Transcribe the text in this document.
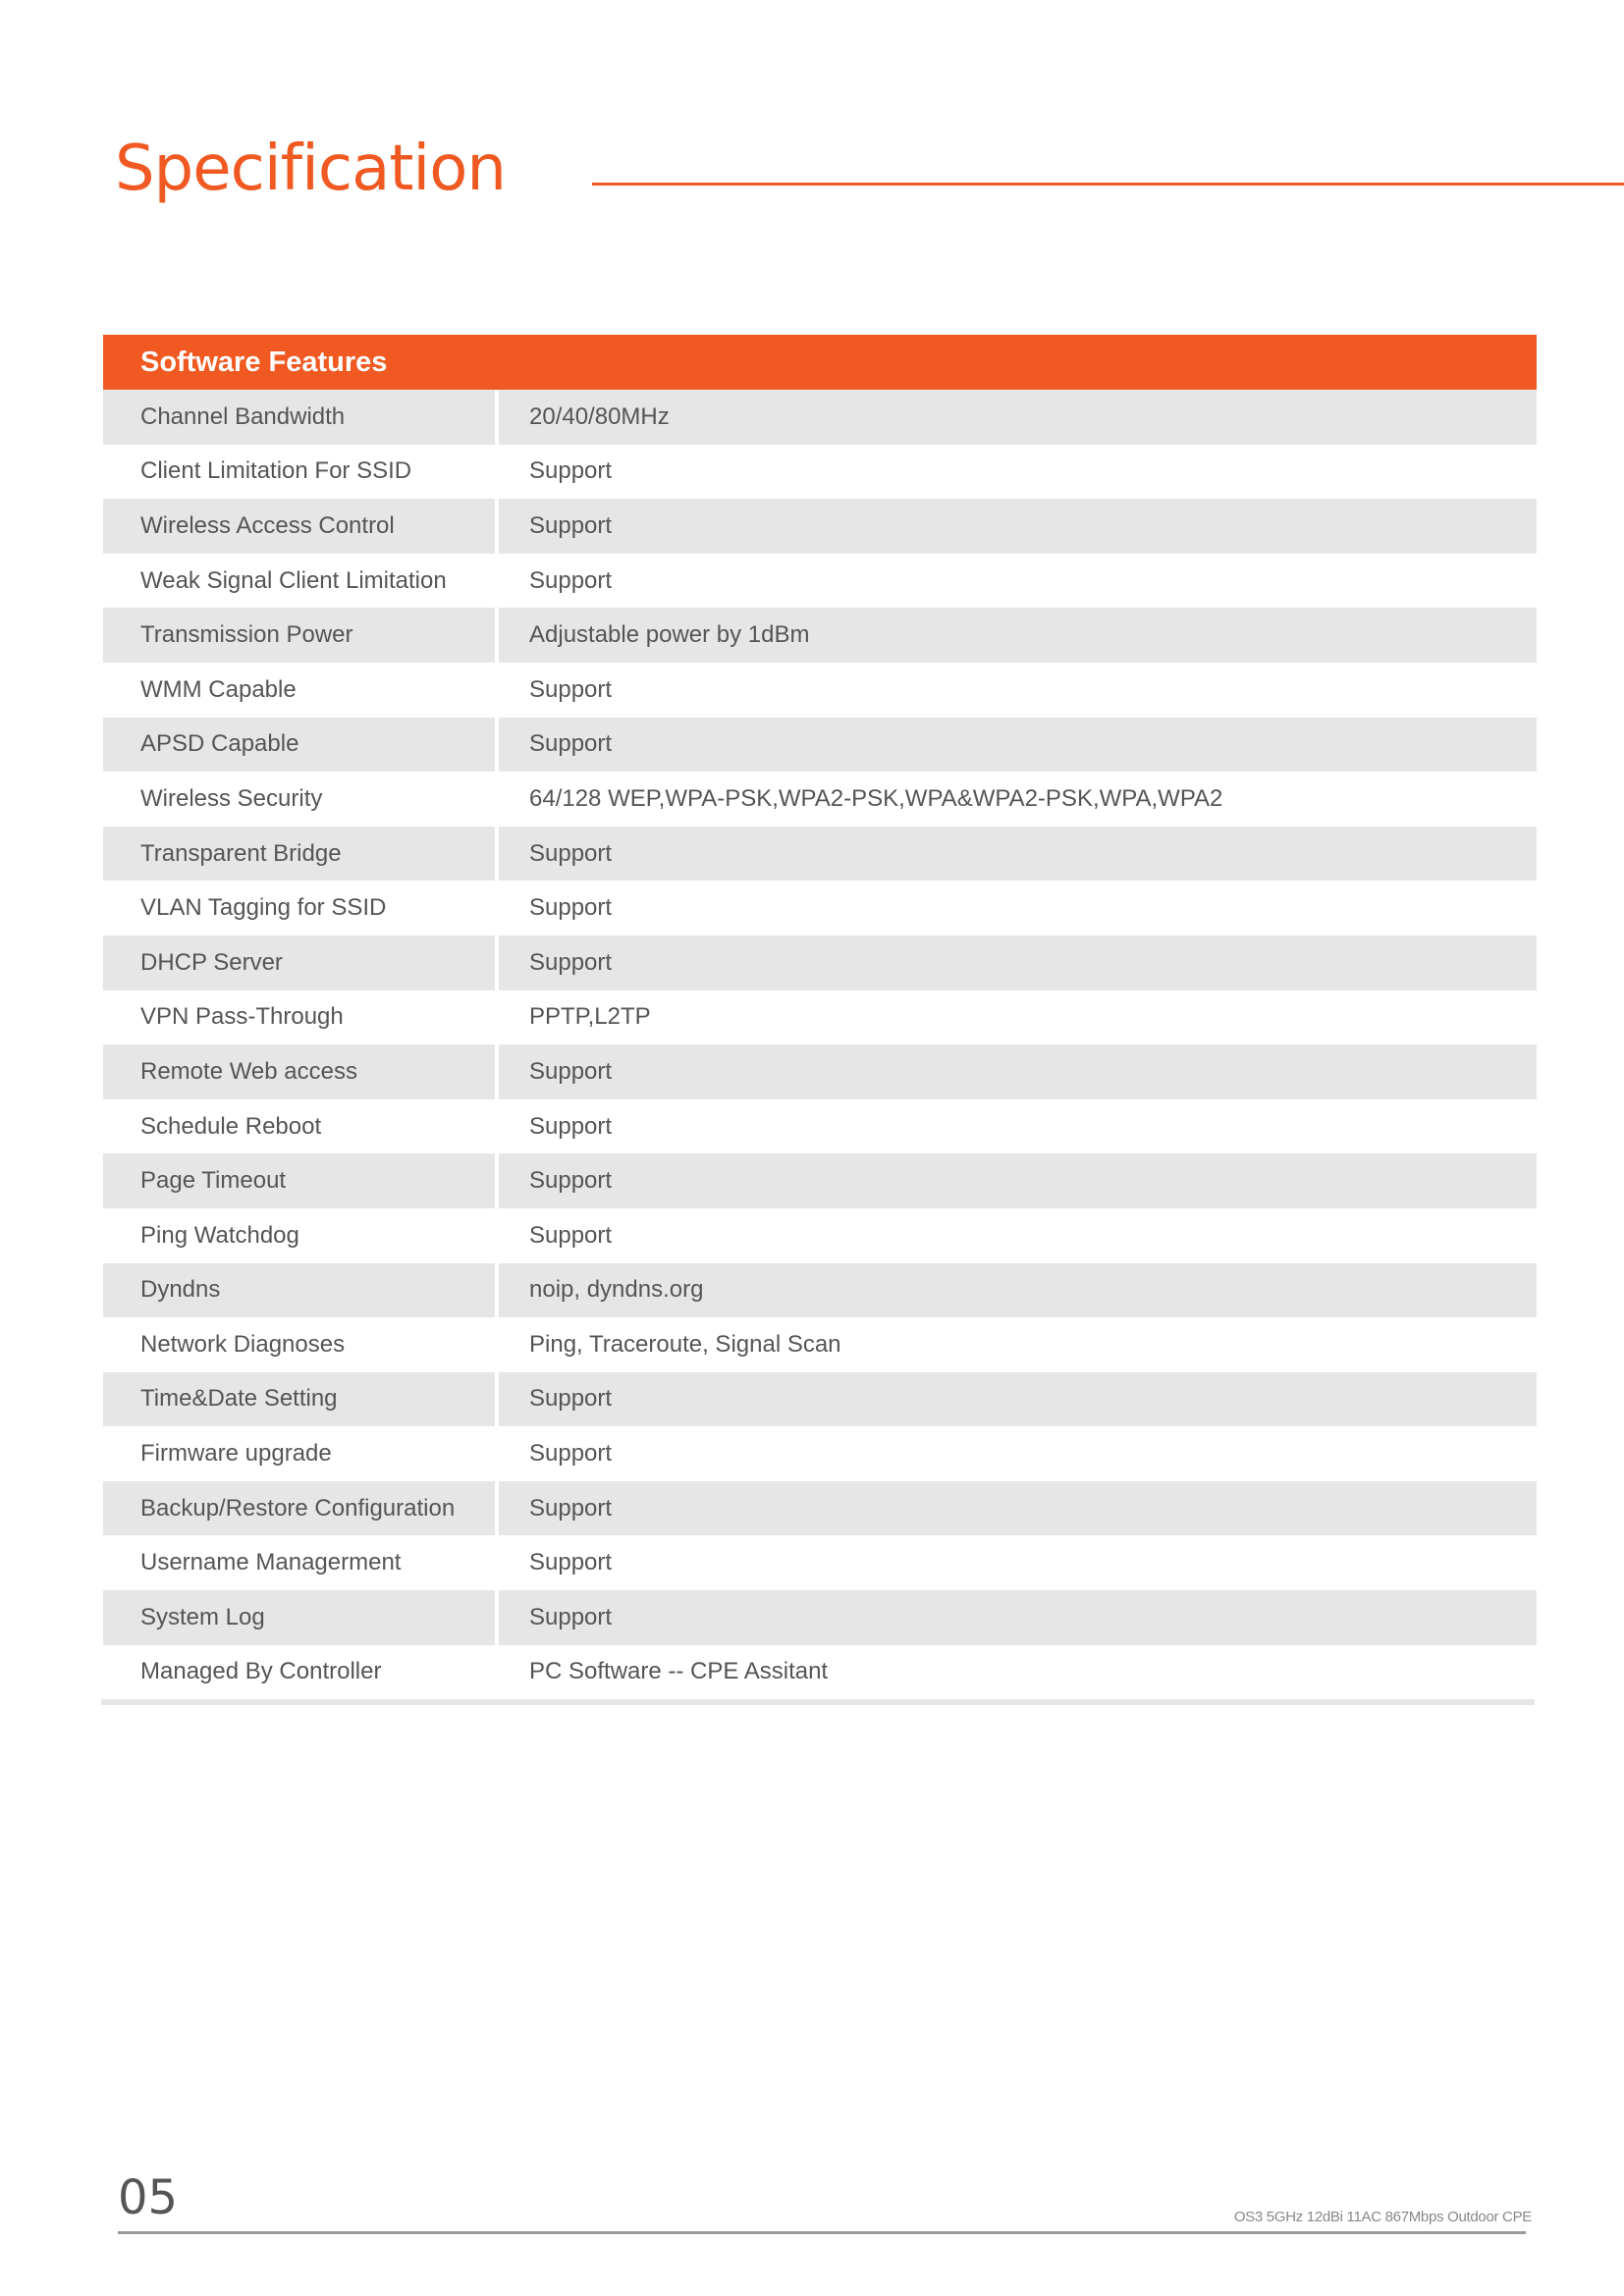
Specification
Software Features
Channel Bandwidth	20/40/80MHz
Client Limitation For SSID	Support
Wireless Access Control	Support
Weak Signal Client Limitation	Support
Transmission Power	Adjustable power by 1dBm
WMM Capable	Support
APSD Capable	Support
Wireless Security	64/128 WEP,WPA-PSK,WPA2-PSK,WPA&WPA2-PSK,WPA,WPA2
Transparent Bridge	Support
VLAN Tagging for SSID	Support
DHCP Server	Support
VPN Pass-Through	PPTP,L2TP
Remote Web access	Support
Schedule Reboot	Support
Page Timeout	Support
Ping Watchdog	Support
Dyndns	noip, dyndns.org
Network Diagnoses	Ping, Traceroute, Signal Scan
Time&Date Setting	Support
Firmware upgrade	Support
Backup/Restore Configuration	Support
Username Managerment	Support
System Log	Support
Managed By Controller	PC Software -- CPE Assitant
05	OS3 5GHz 12dBi 11AC 867Mbps Outdoor CPE
